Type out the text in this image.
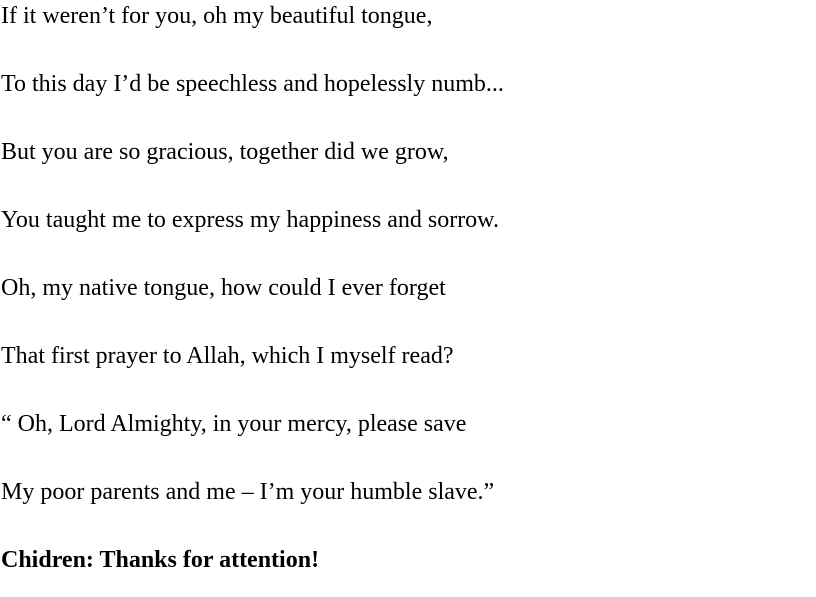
If it weren’t for you, oh my beautiful tongue,
To this day I’d be speechless and hopelessly numb...
But you are so gracious, together did we grow,
You taught me to express my happiness and sorrow.
Oh, my native tongue, how could I ever forget
That first prayer to Allah, which I myself read?
“ Oh, Lord Almighty, in your mercy, please save
My poor parents and me – I’m your humble slave.”
Chidren: Thanks for attention!
